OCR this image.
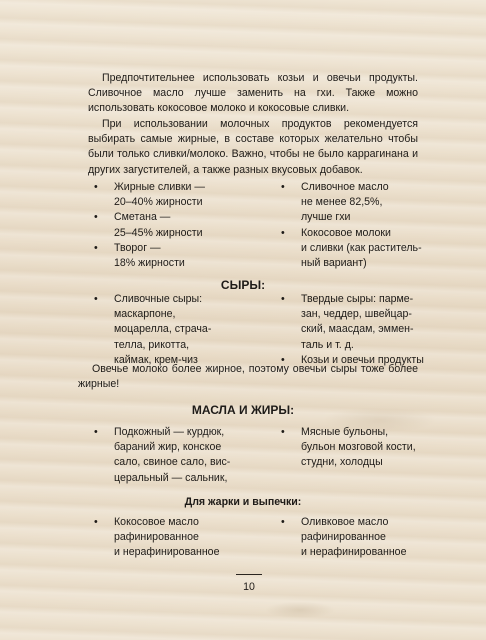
Предпочтительнее использовать козьи и овечьи продукты. Сливочное масло лучше заменить на гхи. Также можно использовать кокосовое молоко и кокосовые сливки.

При использовании молочных продуктов рекомендуется выбирать самые жирные, в составе которых желательно чтобы были только сливки/молоко. Важно, чтобы не было каррагинана и других загустителей, а также разных вкусовых добавок.

• Жирные сливки —
20–40% жирности
• Сметана —
25–45% жирности
• Творог —
18% жирности
• Сливочное масло
не менее 82,5%,
лучше гхи
• Кокосовое молоки
и сливки (как раститель-
ный вариант)
СЫРЫ:
• Сливочные сыры:
маскарпоне,
моцарелла, страча-
телла, рикотта,
каймак, крем-чиз
• Твердые сыры: парме-
зан, чеддер, швейцар-
ский, маасдам, эммен-
таль и т. д.
• Козьи и овечьи продукты

Овечье молоко более жирное, поэтому овечьи сыры тоже более жирные!

МАСЛА И ЖИРЫ:
• Подкожный — курдюк,
бараний жир, конское
сало, свиное сало, вис-
церальный — сальник,
• Мясные бульоны,
бульон мозговой кости,
студни, холодцы
Для жарки и выпечки:
• Кокосовое масло
рафинированное
и нерафинированное
• Оливковое масло
рафинированное
и нерафинированное
10
